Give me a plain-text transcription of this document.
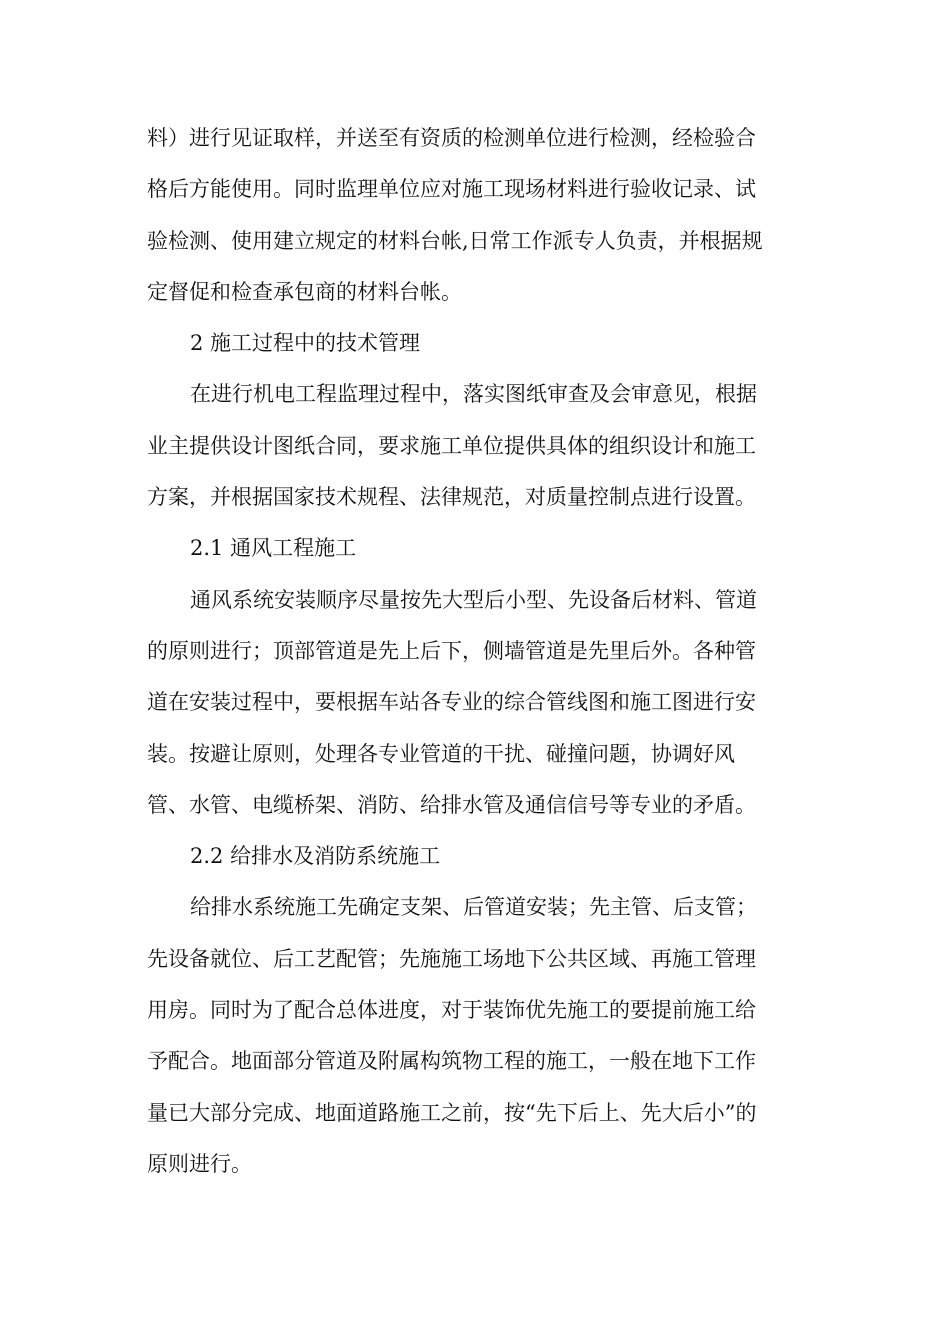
料）进行见证取样，并送至有资质的检测单位进行检测，经检验合
格后方能使用。同时监理单位应对施工现场材料进行验收记录、试
验检测、使用建立规定的材料台帐,日常工作派专人负责，并根据规
定督促和检查承包商的材料台帐。
2 施工过程中的技术管理
在进行机电工程监理过程中，落实图纸审查及会审意见，根据
业主提供设计图纸合同，要求施工单位提供具体的组织设计和施工
方案，并根据国家技术规程、法律规范，对质量控制点进行设置。
2.1 通风工程施工
通风系统安装顺序尽量按先大型后小型、先设备后材料、管道
的原则进行；顶部管道是先上后下，侧墙管道是先里后外。各种管
道在安装过程中，要根据车站各专业的综合管线图和施工图进行安
装。按避让原则，处理各专业管道的干扰、碰撞问题，协调好风
管、水管、电缆桥架、消防、给排水管及通信信号等专业的矛盾。
2.2 给排水及消防系统施工
给排水系统施工先确定支架、后管道安装；先主管、后支管；
先设备就位、后工艺配管；先施施工场地下公共区域、再施工管理
用房。同时为了配合总体进度，对于装饰优先施工的要提前施工给
予配合。地面部分管道及附属构筑物工程的施工，一般在地下工作
量已大部分完成、地面道路施工之前，按“先下后上、先大后小”的
原则进行。
